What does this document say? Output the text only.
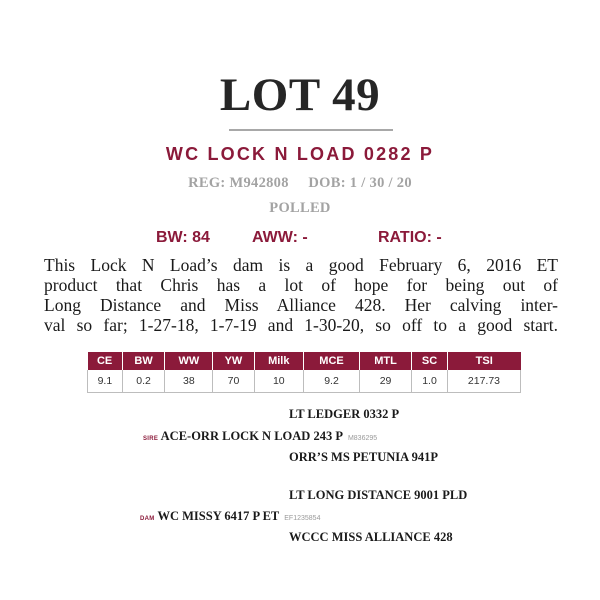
LOT 49
WC LOCK N LOAD 0282 P
REG: M942808 DOB: 1 / 30 / 20
POLLED
BW: 84	AWW: -	RATIO: -
This Lock N Load’s dam is a good February 6, 2016 ET
product that Chris has a lot of hope for being out of
Long Distance and Miss Alliance 428. Her calving inter-
val so far; 1-27-18, 1-7-19 and 1-30-20, so off to a good start.
CE	BW	WW	YW	Milk	MCE	MTL	SC	TSI
9.1	0.2	38	70	10	9.2	29	1.0	217.73
LT LEDGER 0332 P
SIRE ACE-ORR LOCK N LOAD 243 P M836295
ORR’S MS PETUNIA 941P
LT LONG DISTANCE 9001 PLD
DAM WC MISSY 6417 P ET EF1235854
WCCC MISS ALLIANCE 428
